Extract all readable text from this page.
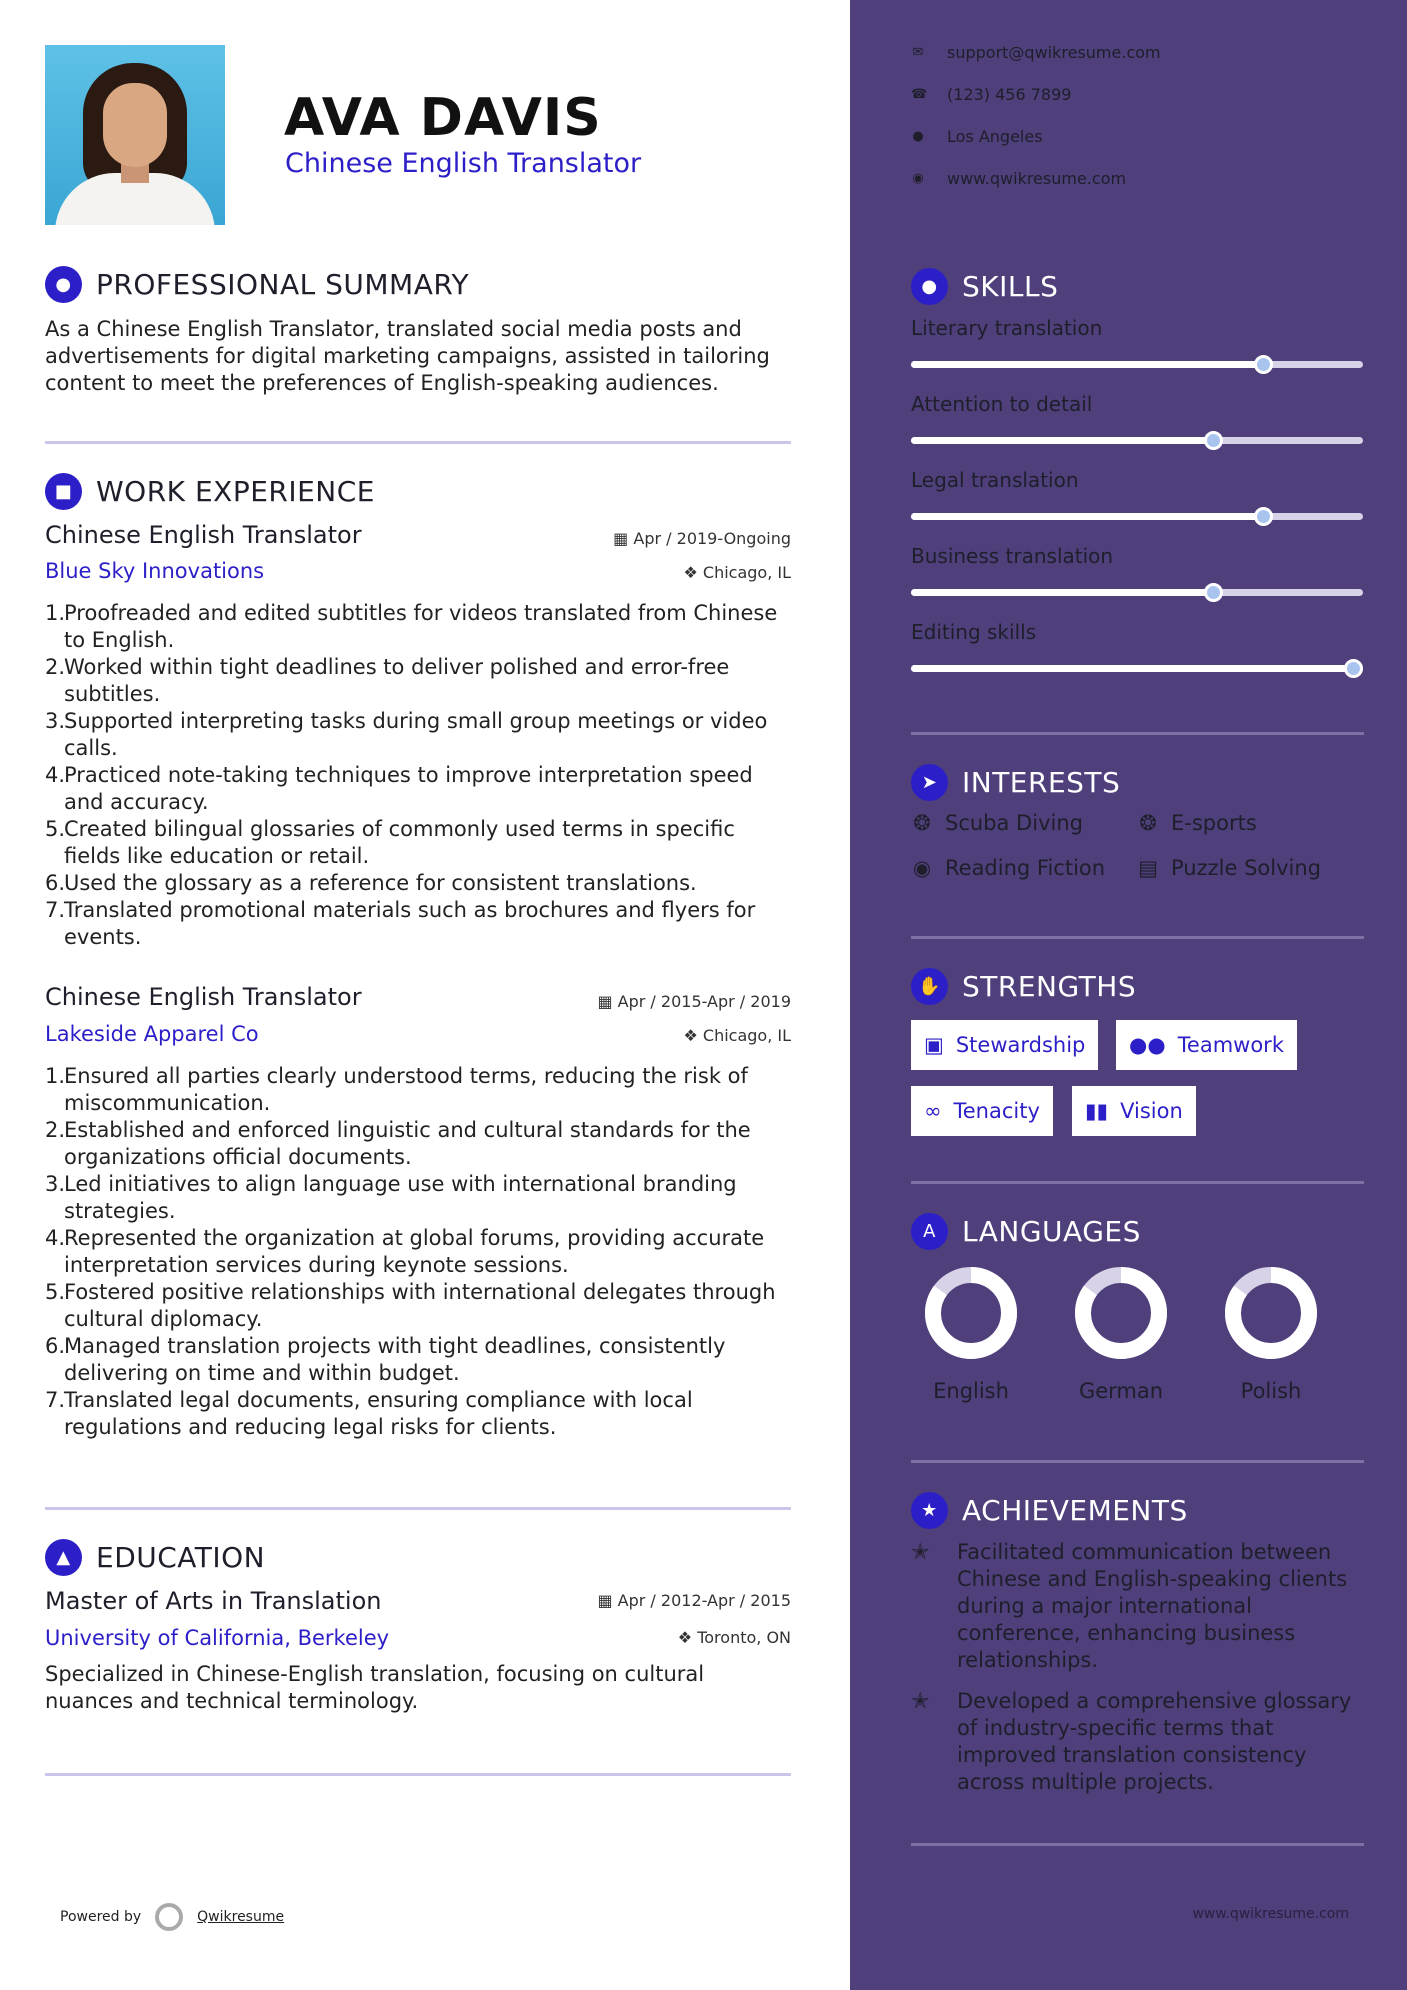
AVA DAVIS
Chinese English Translator
● PROFESSIONAL SUMMARY
As a Chinese English Translator, translated social media posts and advertisements for digital marketing campaigns, assisted in tailoring content to meet the preferences of English-speaking audiences.
■ WORK EXPERIENCE
Chinese English Translator	▦ Apr / 2019-Ongoing
Blue Sky Innovations	❖ Chicago, IL
1.
Proofreaded and edited subtitles for videos translated from Chinese to English.
2.
Worked within tight deadlines to deliver polished and error-free subtitles.
3.
Supported interpreting tasks during small group meetings or video calls.
4.
Practiced note-taking techniques to improve interpretation speed and accuracy.
5.
Created bilingual glossaries of commonly used terms in specific fields like education or retail.
6.
Used the glossary as a reference for consistent translations.
7.
Translated promotional materials such as brochures and flyers for events.
Chinese English Translator	▦ Apr / 2015-Apr / 2019
Lakeside Apparel Co	❖ Chicago, IL
1.
Ensured all parties clearly understood terms, reducing the risk of miscommunication.
2.
Established and enforced linguistic and cultural standards for the organizations official documents.
3.
Led initiatives to align language use with international branding strategies.
4.
Represented the organization at global forums, providing accurate interpretation services during keynote sessions.
5.
Fostered positive relationships with international delegates through cultural diplomacy.
6.
Managed translation projects with tight deadlines, consistently delivering on time and within budget.
7.
Translated legal documents, ensuring compliance with local regulations and reducing legal risks for clients.
▲ EDUCATION
Master of Arts in Translation	▦ Apr / 2012-Apr / 2015
University of California, Berkeley	❖ Toronto, ON
Specialized in Chinese-English translation, focusing on cultural nuances and technical terminology.
Powered by	Qwikresume
✉ support@qwikresume.com
☎ (123) 456 7899
● Los Angeles
◉ www.qwikresume.com
● SKILLS
Literary translation
Attention to detail
Legal translation
Business translation
Editing skills
➤ INTERESTS
❂ Scuba Diving	❂ E-sports
◉ Reading Fiction ▤ Puzzle Solving
✋ STRENGTHS
▣ Stewardship ●● Teamwork
∞ Tenacity ▮▮ Vision
A LANGUAGES
English	German	Polish
★ ACHIEVEMENTS
✭	Facilitated communication between Chinese and English-speaking clients during a major international conference, enhancing business relationships.
✭	Developed a comprehensive glossary of industry-specific terms that improved translation consistency across multiple projects.
www.qwikresume.com
